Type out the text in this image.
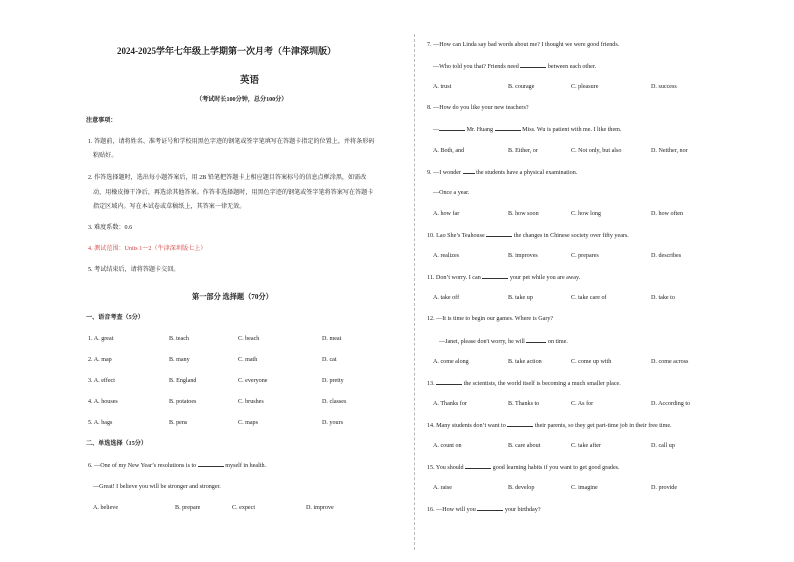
2024-2025学年七年级上学期第一次月考（牛津深圳版）
英语
（考试时长100分钟，总分100分）
注意事项：
1. 答题前，请将姓名、准考证号和学校用黑色字迹的钢笔或签字笔填写在答题卡指定的位置上，并将条形码
粘贴好。
2. 作答选择题时，选出每小题答案后，用 2B 铅笔把答题卡上相应题目答案标号的信息点框涂黑，如需改
动，用橡皮擦干净后，再选涂其他答案。作答非选择题时，用黑色字迹的钢笔或签字笔将答案写在答题卡
指定区域内。写在本试卷或草稿纸上，其答案一律无效。
3. 难度系数：0.6
4. 测试范围：Units 1～2（牛津深圳版七上）
5. 考试结束后，请将答题卡交回。
第一部分 选择题（70分）
一、语音考查（5分）
1. A. great	B. teach	C. beach	D. meat
2. A. map	B. many	C. math	D. cat
3. A. effect	B. England	C. everyone	D. pretty
4. A. houses	B. potatoes	C. brushes	D. classes
5. A. bags	B. pens	C. maps	D. yours
二、单选选择（15分）
6. —One of my New Year’s resolutions is to	myself in health.
—Great! I believe you will be stronger and stronger.
A. believe	B. prepare	C. expect	D. improve
7. —How can Linda say bad words about me? I thought we were good friends.
—Who told you that? Friends need	between each other.
A. trust	B. courage	C. pleasure	D. success
8. —How do you like your new teachers?
—	Mr. Huang	Miss. Wu is patient with me. I like them.
A. Both, and	B. Either, or	C. Not only, but also	D. Neither, nor
9. —I wonder the students have a physical examination.
—Once a year.
A. how far	B. how soon	C. how long	D. how often
10. Lao She’s Teahouse	the changes in Chinese society over fifty years.
A. realizes	B. improves	C. prepares	D. describes
11. Don’t worry. I can	your pet while you are away.
A. take off	B. take up	C. take care of	D. take to
12. —It is time to begin our games. Where is Gary?
—Janet, please don't worry, he will	on time.
A. come along	B. take action	C. come up with	D. come across
13.	the scientists, the world itself is becoming a much smaller place.
A. Thanks for	B. Thanks to	C. As for	D. According to
14. Many students don’t want to	their parents, so they get part-time job in their free time.
A. count on	B. care about	C. take after	D. call up
15. You should	good learning habits if you want to get good grades.
A. raise	B. develop	C. imagine	D. provide
16. —How will you	your birthday?
